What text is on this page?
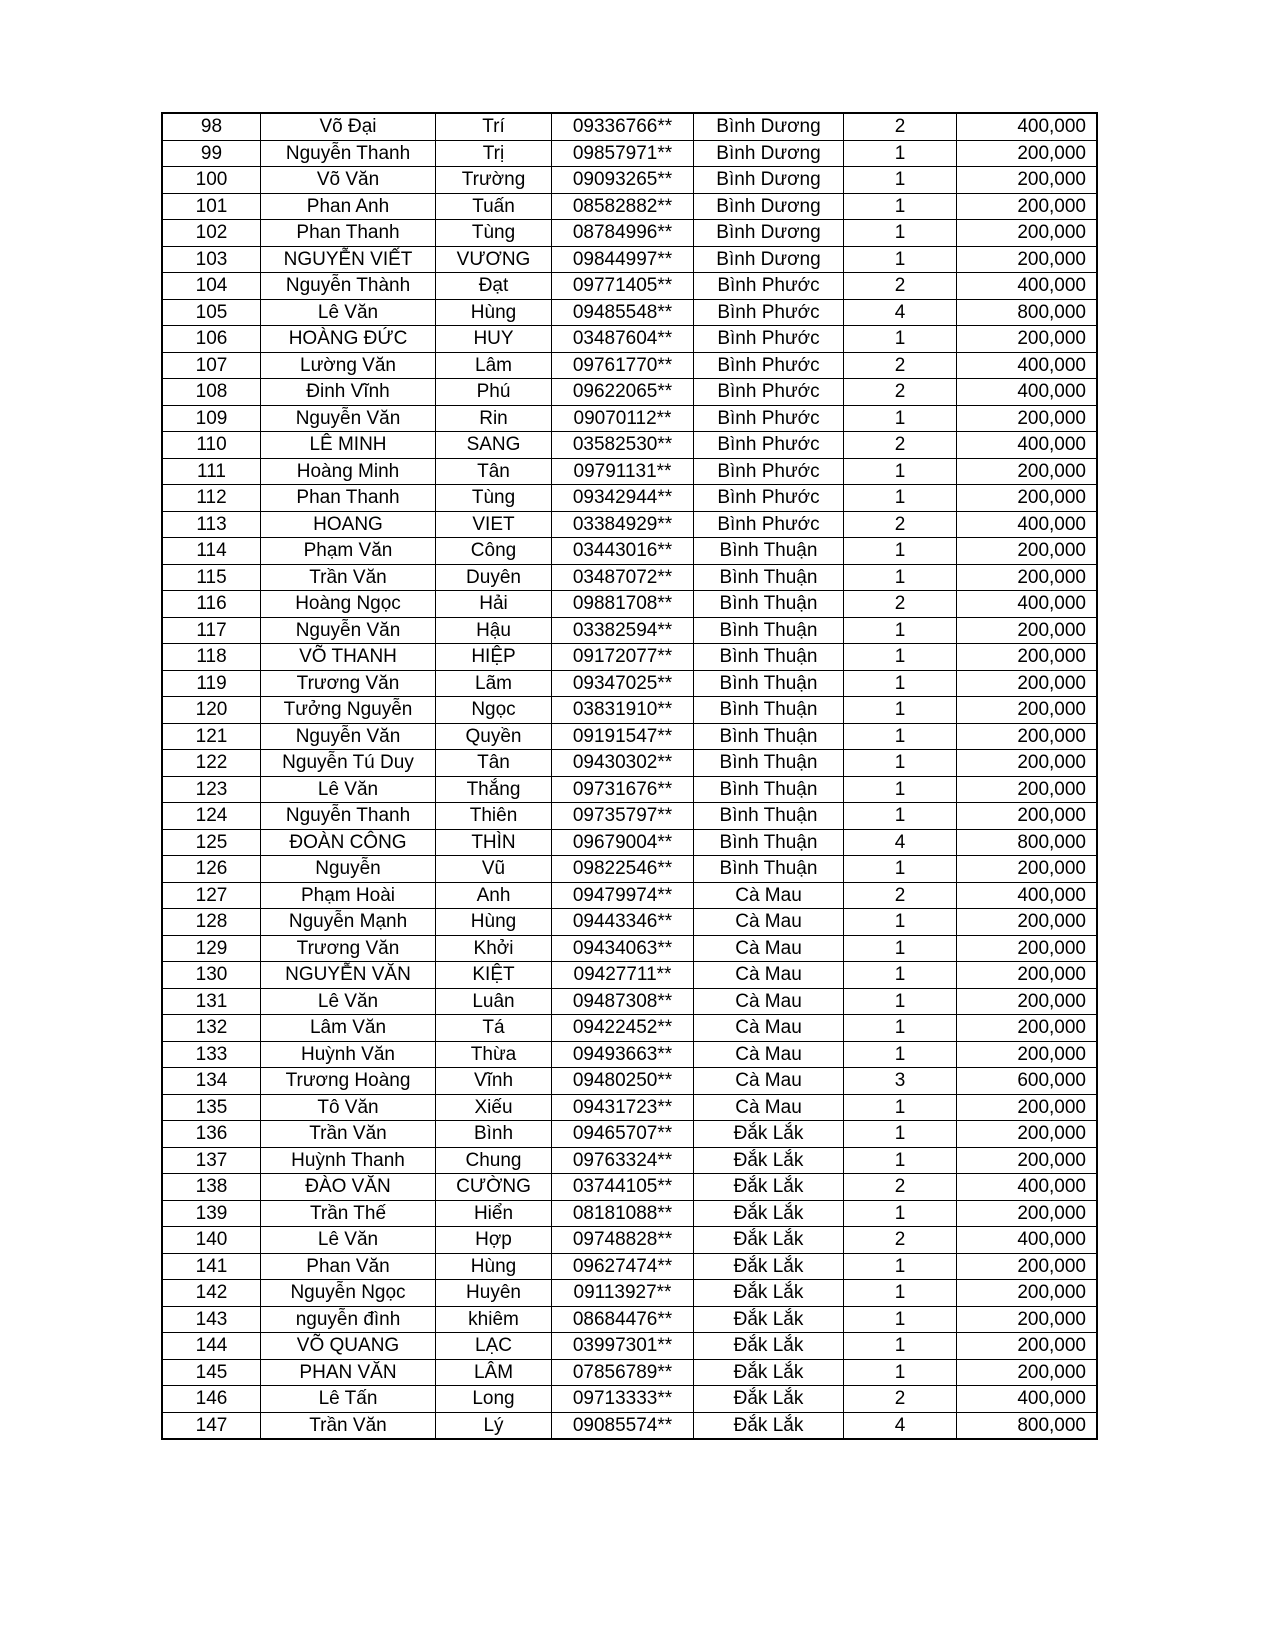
98	Võ Đại	Trí	09336766**	Bình Dương	2	400,000
99	Nguyễn Thanh	Trị	09857971**	Bình Dương	1	200,000
100	Võ Văn	Trường	09093265**	Bình Dương	1	200,000
101	Phan Anh	Tuấn	08582882**	Bình Dương	1	200,000
102	Phan Thanh	Tùng	08784996**	Bình Dương	1	200,000
103	NGUYỄN VIẾT	VƯƠNG	09844997**	Bình Dương	1	200,000
104	Nguyễn Thành	Đạt	09771405**	Bình Phước	2	400,000
105	Lê Văn	Hùng	09485548**	Bình Phước	4	800,000
106	HOÀNG ĐỨC	HUY	03487604**	Bình Phước	1	200,000
107	Lường Văn	Lâm	09761770**	Bình Phước	2	400,000
108	Đinh Vĩnh	Phú	09622065**	Bình Phước	2	400,000
109	Nguyễn Văn	Rin	09070112**	Bình Phước	1	200,000
110	LÊ MINH	SANG	03582530**	Bình Phước	2	400,000
111	Hoàng Minh	Tân	09791131**	Bình Phước	1	200,000
112	Phan Thanh	Tùng	09342944**	Bình Phước	1	200,000
113	HOANG	VIET	03384929**	Bình Phước	2	400,000
114	Phạm Văn	Công	03443016**	Bình Thuận	1	200,000
115	Trần Văn	Duyên	03487072**	Bình Thuận	1	200,000
116	Hoàng Ngọc	Hải	09881708**	Bình Thuận	2	400,000
117	Nguyễn Văn	Hậu	03382594**	Bình Thuận	1	200,000
118	VÕ THANH	HIỆP	09172077**	Bình Thuận	1	200,000
119	Trương Văn	Lãm	09347025**	Bình Thuận	1	200,000
120	Tưởng Nguyễn	Ngọc	03831910**	Bình Thuận	1	200,000
121	Nguyễn Văn	Quyền	09191547**	Bình Thuận	1	200,000
122	Nguyễn Tú Duy	Tân	09430302**	Bình Thuận	1	200,000
123	Lê Văn	Thắng	09731676**	Bình Thuận	1	200,000
124	Nguyễn Thanh	Thiên	09735797**	Bình Thuận	1	200,000
125	ĐOÀN CÔNG	THÌN	09679004**	Bình Thuận	4	800,000
126	Nguyễn	Vũ	09822546**	Bình Thuận	1	200,000
127	Phạm Hoài	Anh	09479974**	Cà Mau	2	400,000
128	Nguyễn Mạnh	Hùng	09443346**	Cà Mau	1	200,000
129	Trương Văn	Khởi	09434063**	Cà Mau	1	200,000
130	NGUYỄN VĂN	KIỆT	09427711**	Cà Mau	1	200,000
131	Lê Văn	Luân	09487308**	Cà Mau	1	200,000
132	Lâm Văn	Tá	09422452**	Cà Mau	1	200,000
133	Huỳnh Văn	Thừa	09493663**	Cà Mau	1	200,000
134	Trương Hoàng	Vĩnh	09480250**	Cà Mau	3	600,000
135	Tô Văn	Xiếu	09431723**	Cà Mau	1	200,000
136	Trần Văn	Bình	09465707**	Đắk Lắk	1	200,000
137	Huỳnh Thanh	Chung	09763324**	Đắk Lắk	1	200,000
138	ĐÀO VĂN	CƯỜNG	03744105**	Đắk Lắk	2	400,000
139	Trần Thế	Hiển	08181088**	Đắk Lắk	1	200,000
140	Lê Văn	Hợp	09748828**	Đắk Lắk	2	400,000
141	Phan Văn	Hùng	09627474**	Đắk Lắk	1	200,000
142	Nguyễn Ngọc	Huyên	09113927**	Đắk Lắk	1	200,000
143	nguyễn đình	khiêm	08684476**	Đắk Lắk	1	200,000
144	VÕ QUANG	LẠC	03997301**	Đắk Lắk	1	200,000
145	PHAN VĂN	LÂM	07856789**	Đắk Lắk	1	200,000
146	Lê Tấn	Long	09713333**	Đắk Lắk	2	400,000
147	Trần Văn	Lý	09085574**	Đắk Lắk	4	800,000
